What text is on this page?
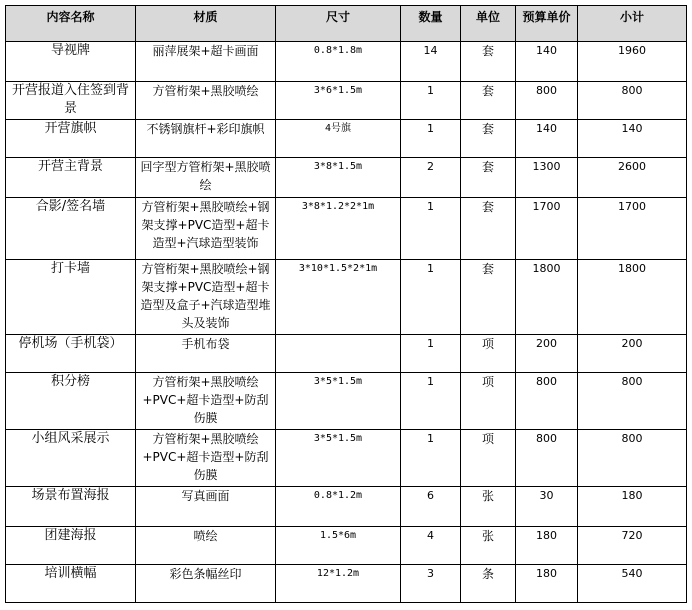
内容名称	材质	尺寸	数量	单位	预算单价	小计
导视牌	丽萍展架+超卡画面	0.8*1.8m	14	套	140	1960
开营报道入住签到背景	方管桁架+黑胶喷绘	3*6*1.5m	1	套	800	800
开营旗帜	不锈钢旗杆+彩印旗帜	4号旗	1	套	140	140
开营主背景	回字型方管桁架+黑胶喷绘	3*8*1.5m	2	套	1300	2600
合影/签名墙	方管桁架+黑胶喷绘+钢架支撑+PVC造型+超卡造型+汽球造型装饰	3*8*1.2*2*1m	1	套	1700	1700
打卡墙	方管桁架+黑胶喷绘+钢架支撑+PVC造型+超卡造型及盒子+汽球造型堆头及装饰	3*10*1.5*2*1m	1	套	1800	1800
停机场（手机袋）	手机布袋		1	项	200	200
积分榜	方管桁架+黑胶喷绘+PVC+超卡造型+防刮伤膜	3*5*1.5m	1	项	800	800
小组风采展示	方管桁架+黑胶喷绘+PVC+超卡造型+防刮伤膜	3*5*1.5m	1	项	800	800
场景布置海报	写真画面	0.8*1.2m	6	张	30	180
团建海报	喷绘	1.5*6m	4	张	180	720
培训横幅	彩色条幅丝印	12*1.2m	3	条	180	540
